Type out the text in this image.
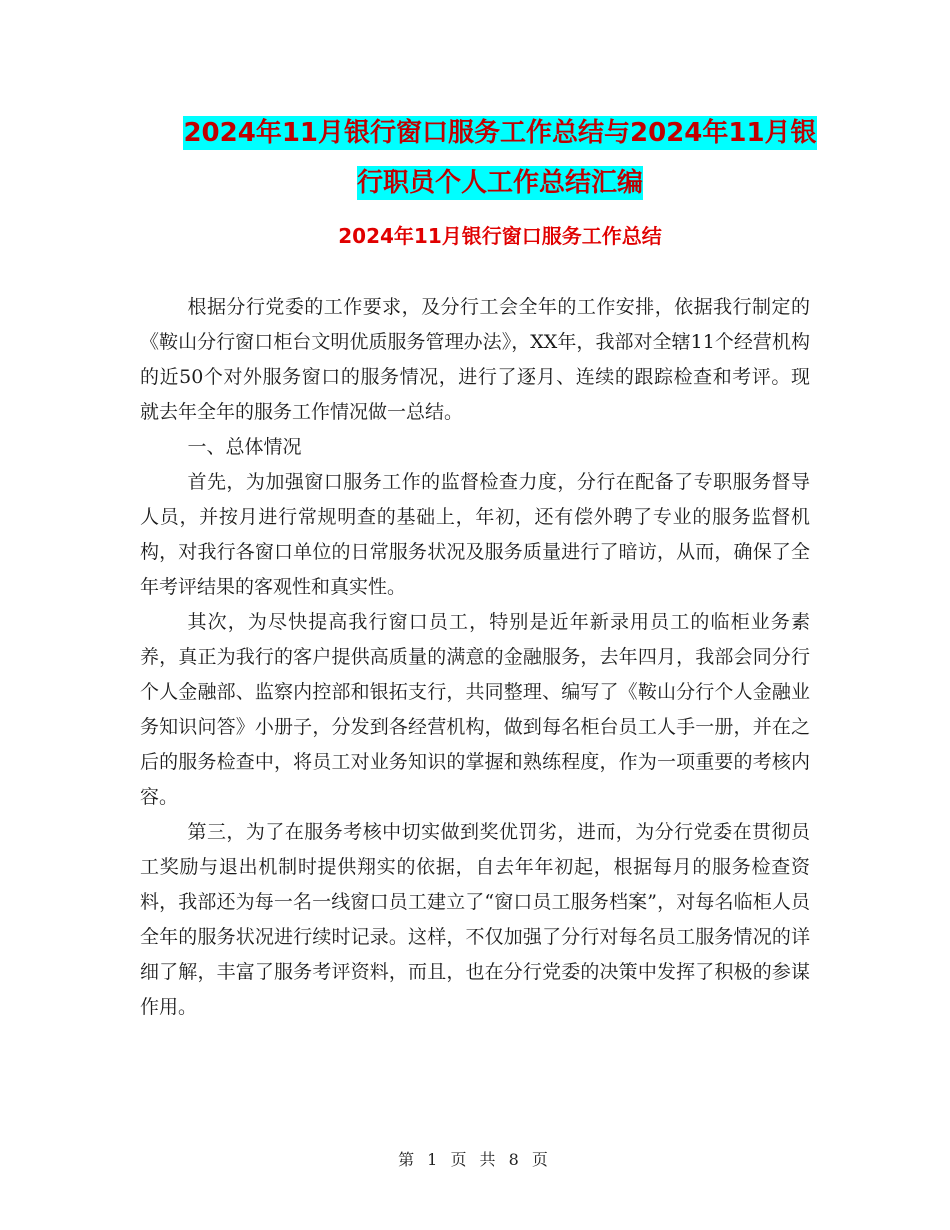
2024年11月银行窗口服务工作总结与2024年11月银
行职员个人工作总结汇编
2024年11月银行窗口服务工作总结

根据分行党委的工作要求，及分行工会全年的工作安排，依据我行制定的《鞍山分行窗口柜台文明优质服务管理办法》，XX年，我部对全辖11个经营机构的近50个对外服务窗口的服务情况，进行了逐月、连续的跟踪检查和考评。现就去年全年的服务工作情况做一总结。

一、总体情况

首先，为加强窗口服务工作的监督检查力度，分行在配备了专职服务督导人员，并按月进行常规明查的基础上，年初，还有偿外聘了专业的服务监督机构，对我行各窗口单位的日常服务状况及服务质量进行了暗访，从而，确保了全年考评结果的客观性和真实性。

其次，为尽快提高我行窗口员工，特别是近年新录用员工的临柜业务素养，真正为我行的客户提供高质量的满意的金融服务，去年四月，我部会同分行个人金融部、监察内控部和银拓支行，共同整理、编写了《鞍山分行个人金融业务知识问答》小册子，分发到各经营机构，做到每名柜台员工人手一册，并在之后的服务检查中，将员工对业务知识的掌握和熟练程度，作为一项重要的考核内容。

第三，为了在服务考核中切实做到奖优罚劣，进而，为分行党委在贯彻员工奖励与退出机制时提供翔实的依据，自去年年初起，根据每月的服务检查资料，我部还为每一名一线窗口员工建立了“窗口员工服务档案”，对每名临柜人员全年的服务状况进行续时记录。这样，不仅加强了分行对每名员工服务情况的详细了解，丰富了服务考评资料，而且，也在分行党委的决策中发挥了积极的参谋作用。

第 1 页 共 8 页
